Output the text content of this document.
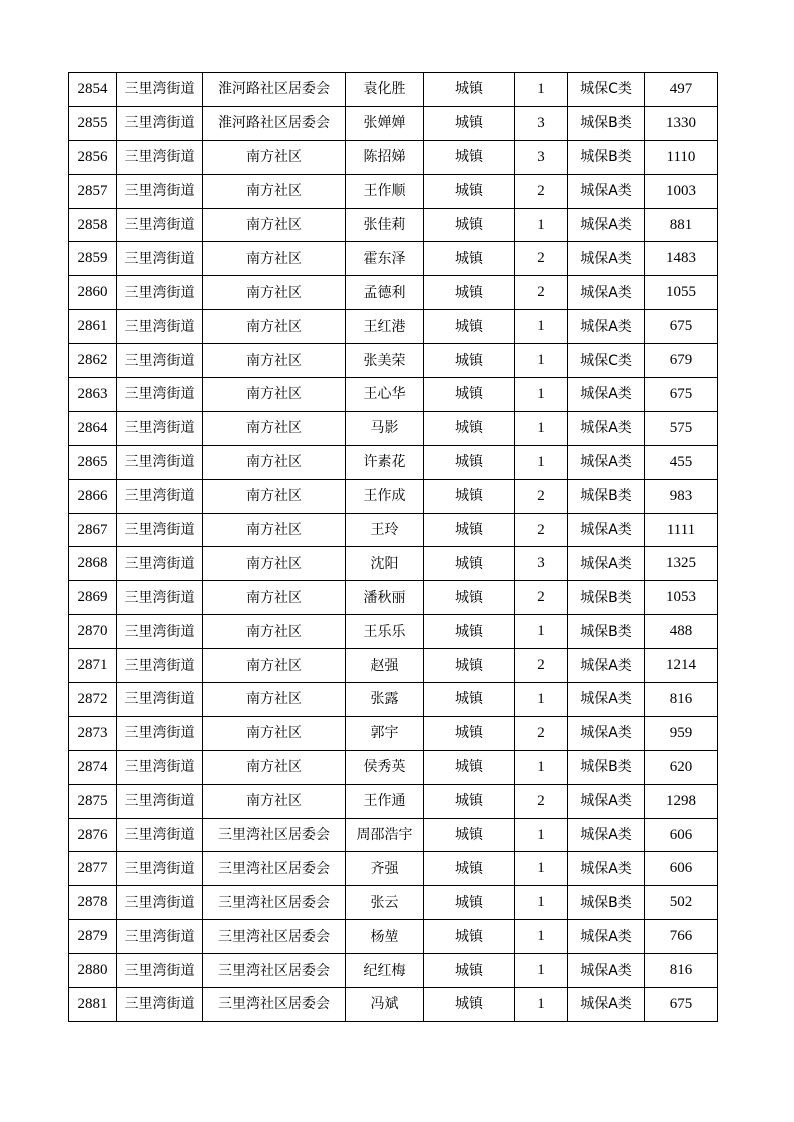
2854	三里湾街道	淮河路社区居委会	袁化胜	城镇	1	城保C类	497
2855	三里湾街道	淮河路社区居委会	张婵婵	城镇	3	城保B类	1330
2856	三里湾街道	南方社区	陈招娣	城镇	3	城保B类	1110
2857	三里湾街道	南方社区	王作顺	城镇	2	城保A类	1003
2858	三里湾街道	南方社区	张佳莉	城镇	1	城保A类	881
2859	三里湾街道	南方社区	霍东泽	城镇	2	城保A类	1483
2860	三里湾街道	南方社区	孟德利	城镇	2	城保A类	1055
2861	三里湾街道	南方社区	王红港	城镇	1	城保A类	675
2862	三里湾街道	南方社区	张美荣	城镇	1	城保C类	679
2863	三里湾街道	南方社区	王心华	城镇	1	城保A类	675
2864	三里湾街道	南方社区	马影	城镇	1	城保A类	575
2865	三里湾街道	南方社区	许素花	城镇	1	城保A类	455
2866	三里湾街道	南方社区	王作成	城镇	2	城保B类	983
2867	三里湾街道	南方社区	王玲	城镇	2	城保A类	1111
2868	三里湾街道	南方社区	沈阳	城镇	3	城保A类	1325
2869	三里湾街道	南方社区	潘秋丽	城镇	2	城保B类	1053
2870	三里湾街道	南方社区	王乐乐	城镇	1	城保B类	488
2871	三里湾街道	南方社区	赵强	城镇	2	城保A类	1214
2872	三里湾街道	南方社区	张露	城镇	1	城保A类	816
2873	三里湾街道	南方社区	郭宇	城镇	2	城保A类	959
2874	三里湾街道	南方社区	侯秀英	城镇	1	城保B类	620
2875	三里湾街道	南方社区	王作通	城镇	2	城保A类	1298
2876	三里湾街道	三里湾社区居委会	周邵浩宇	城镇	1	城保A类	606
2877	三里湾街道	三里湾社区居委会	齐强	城镇	1	城保A类	606
2878	三里湾街道	三里湾社区居委会	张云	城镇	1	城保B类	502
2879	三里湾街道	三里湾社区居委会	杨堃	城镇	1	城保A类	766
2880	三里湾街道	三里湾社区居委会	纪红梅	城镇	1	城保A类	816
2881	三里湾街道	三里湾社区居委会	冯斌	城镇	1	城保A类	675
